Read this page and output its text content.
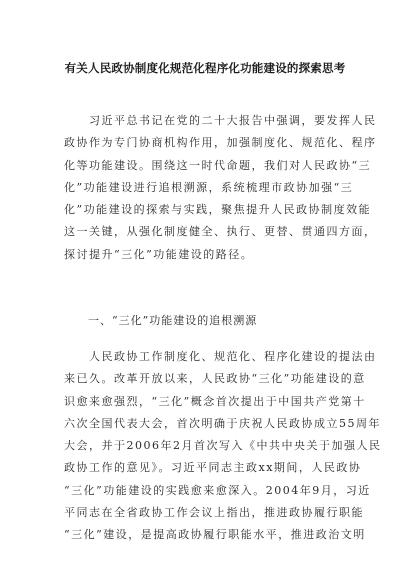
有关人民政协制度化规范化程序化功能建设的探索思考
　　习近平总书记在党的二十大报告中强调，要发挥人民
政协作为专门协商机构作用，加强制度化、规范化、程序
化等功能建设。围绕这一时代命题，我们对人民政协“三
化”功能建设进行追根溯源，系统梳理市政协加强“三
化”功能建设的探索与实践，聚焦提升人民政协制度效能
这一关键，从强化制度健全、执行、更替、贯通四方面，
探讨提升“三化”功能建设的路径。
一、“三化”功能建设的追根溯源
　　人民政协工作制度化、规范化、程序化建设的提法由
来已久。改革开放以来，人民政协“三化”功能建设的意
识愈来愈强烈，“三化”概念首次提出于中国共产党第十
六次全国代表大会，首次明确于庆祝人民政协成立55周年
大会，并于2006年2月首次写入《中共中央关于加强人民
政协工作的意见》。习近平同志主政xx期间，人民政协
“三化”功能建设的实践愈来愈深入。2004年9月，习近
平同志在全省政协工作会议上指出，推进政协履行职能
“三化”建设，是提高政协履行职能水平，推进政治文明
